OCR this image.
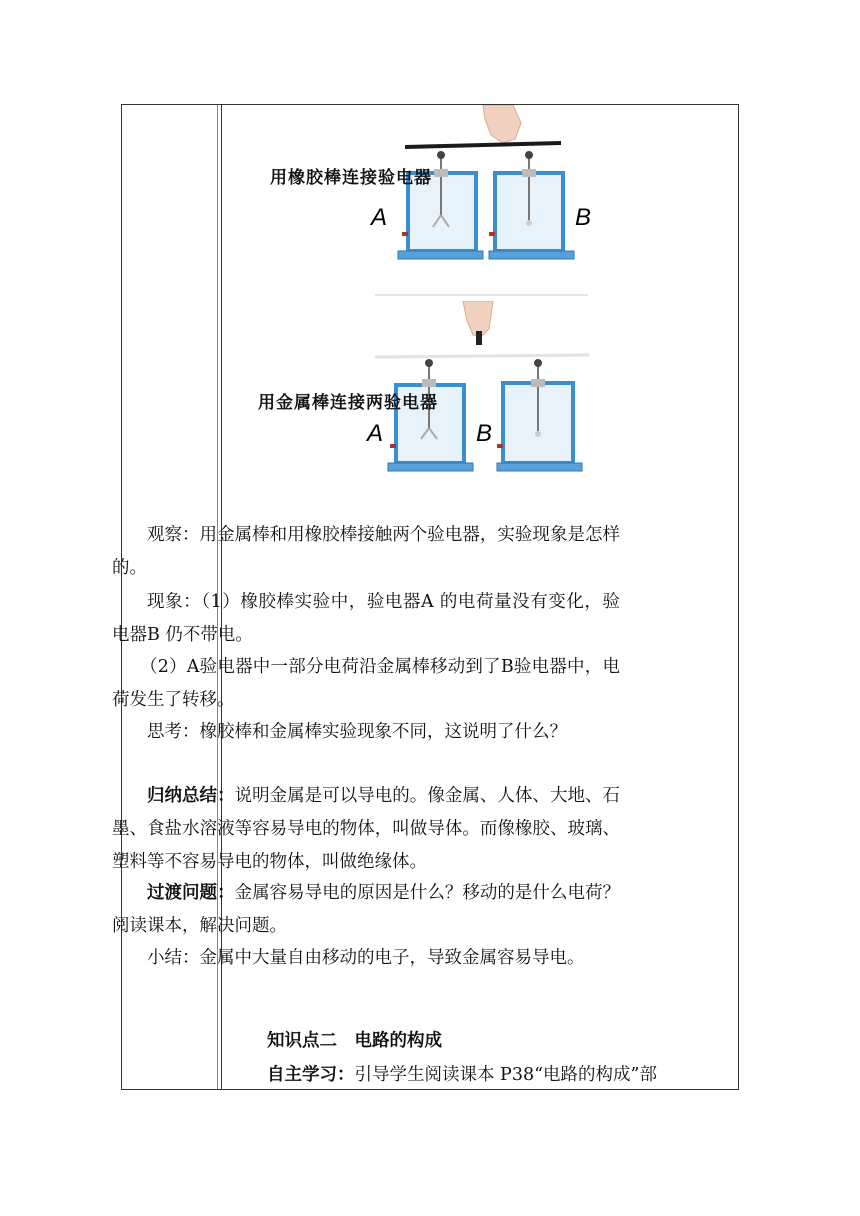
A	B
A	B
用橡胶棒连接验电器
用金属棒连接两验电器
观察：用金属棒和用橡胶棒接触两个验电器，实验现象是怎样的。
现象：（1）橡胶棒实验中，验电器A 的电荷量没有变化，验电器B 仍不带电。
（2）A验电器中一部分电荷沿金属棒移动到了B验电器中，电荷发生了转移。
思考：橡胶棒和金属棒实验现象不同，这说明了什么？
归纳总结：说明金属是可以导电的。像金属、人体、大地、石墨、食盐水溶液等容易导电的物体，叫做导体。而像橡胶、玻璃、塑料等不容易导电的物体，叫做绝缘体。
过渡问题：金属容易导电的原因是什么？移动的是什么电荷？阅读课本，解决问题。
小结：金属中大量自由移动的电子，导致金属容易导电。
知识点二　电路的构成
自主学习：引导学生阅读课本 P38“电路的构成”部
